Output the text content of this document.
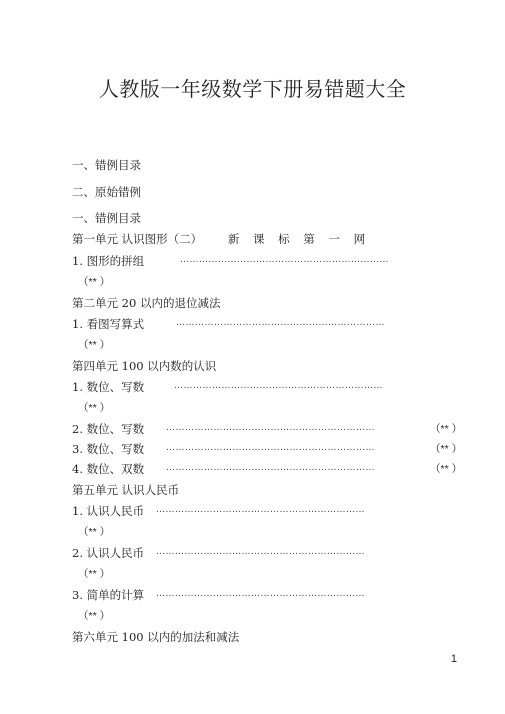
人教版一年级数学下册易错题大全
一、错例目录
二、原始错例
一、错例目录
第一单元 认识图形（二） 新 课 标 第 一 网
1. 图形的拼组	…………………………………………………………
（** ）
第二单元 20 以内的退位减法
1. 看图写算式	…………………………………………………………
（** ）
第四单元 100 以内数的认识
1. 数位、写数	…………………………………………………………
（** ）
2. 数位、写数 …………………………………………………………	（** ）
3. 数位、写数 …………………………………………………………	（** ）
4. 数位、双数 …………………………………………………………	（** ）
第五单元 认识人民币
1. 认识人民币 …………………………………………………………
（** ）
2. 认识人民币 …………………………………………………………
（** ）
3. 简单的计算 …………………………………………………………
（** ）
第六单元 100 以内的加法和减法
1
